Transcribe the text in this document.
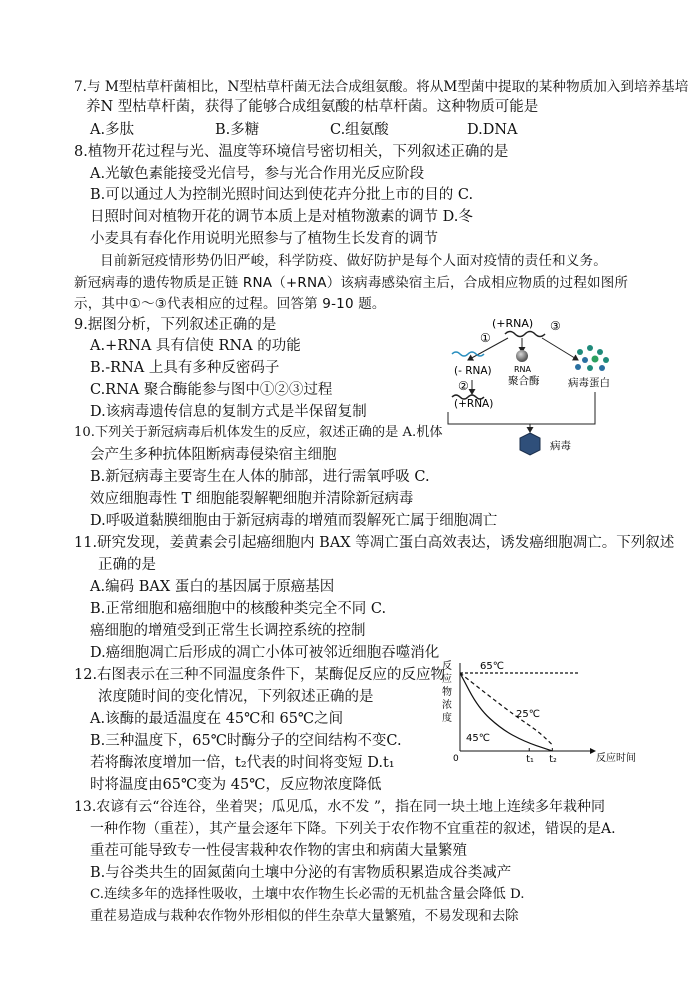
7.与 M型枯草杆菌相比，N型枯草杆菌无法合成组氨酸。将从M型菌中提取的某种物质加入到培养基培
养N 型枯草杆菌，获得了能够合成组氨酸的枯草杆菌。这种物质可能是
A.多肽	B.多糖	C.组氨酸	D.DNA
8.植物开花过程与光、温度等环境信号密切相关，下列叙述正确的是
A.光敏色素能接受光信号，参与光合作用光反应阶段
B.可以通过人为控制光照时间达到使花卉分批上市的目的 C.
日照时间对植物开花的调节本质上是对植物激素的调节 D.冬
小麦具有春化作用说明光照参与了植物生长发育的调节
目前新冠疫情形势仍旧严峻，科学防疫、做好防护是每个人面对疫情的责任和义务。
新冠病毒的遗传物质是正链 RNA（+RNA）该病毒感染宿主后，合成相应物质的过程如图所
示，其中①～③代表相应的过程。回答第 9-10 题。
9.据图分析，下列叙述正确的是
A.+RNA 具有信使 RNA 的功能
B.-RNA 上具有多种反密码子
C.RNA 聚合酶能参与图中①②③过程
D.该病毒遗传信息的复制方式是半保留复制
(+RNA)
①
③
(- RNA)
②
(+RNA)
RNA
聚合酶	病毒蛋白
病毒
10.下列关于新冠病毒后机体发生的反应，叙述正确的是 A.机体
会产生多种抗体阻断病毒侵染宿主细胞
B.新冠病毒主要寄生在人体的肺部，进行需氧呼吸 C.
效应细胞毒性 T 细胞能裂解靶细胞并清除新冠病毒
D.呼吸道黏膜细胞由于新冠病毒的增殖而裂解死亡属于细胞凋亡
11.研究发现，姜黄素会引起癌细胞内 BAX 等凋亡蛋白高效表达，诱发癌细胞凋亡。下列叙述
正确的是
A.编码 BAX 蛋白的基因属于原癌基因
B.正常细胞和癌细胞中的核酸种类完全不同 C.
癌细胞的增殖受到正常生长调控系统的控制
D.癌细胞凋亡后形成的凋亡小体可被邻近细胞吞噬消化
12.右图表示在三种不同温度条件下，某酶促反应的反应物
浓度随时间的变化情况，下列叙述正确的是
A.该酶的最适温度在 45℃和 65℃之间
B.三种温度下，65℃时酶分子的空间结构不变C.
若将酶浓度增加一倍，t₂代表的时间将变短 D.t₁
时将温度由65℃变为 45℃，反应物浓度降低
反
应
物
浓
度
0	反应时间
65℃
25℃
45℃
t₁ t₂
13.农谚有云“谷连谷，坐着哭；瓜见瓜，水不发 ”，指在同一块土地上连续多年栽种同
一种作物（重茬），其产量会逐年下降。下列关于农作物不宜重茬的叙述，错误的是A.
重茬可能导致专一性侵害栽种农作物的害虫和病菌大量繁殖
B.与谷类共生的固氮菌向土壤中分泌的有害物质积累造成谷类减产
C.连续多年的选择性吸收，土壤中农作物生长必需的无机盐含量会降低 D.
重茬易造成与栽种农作物外形相似的伴生杂草大量繁殖，不易发现和去除
